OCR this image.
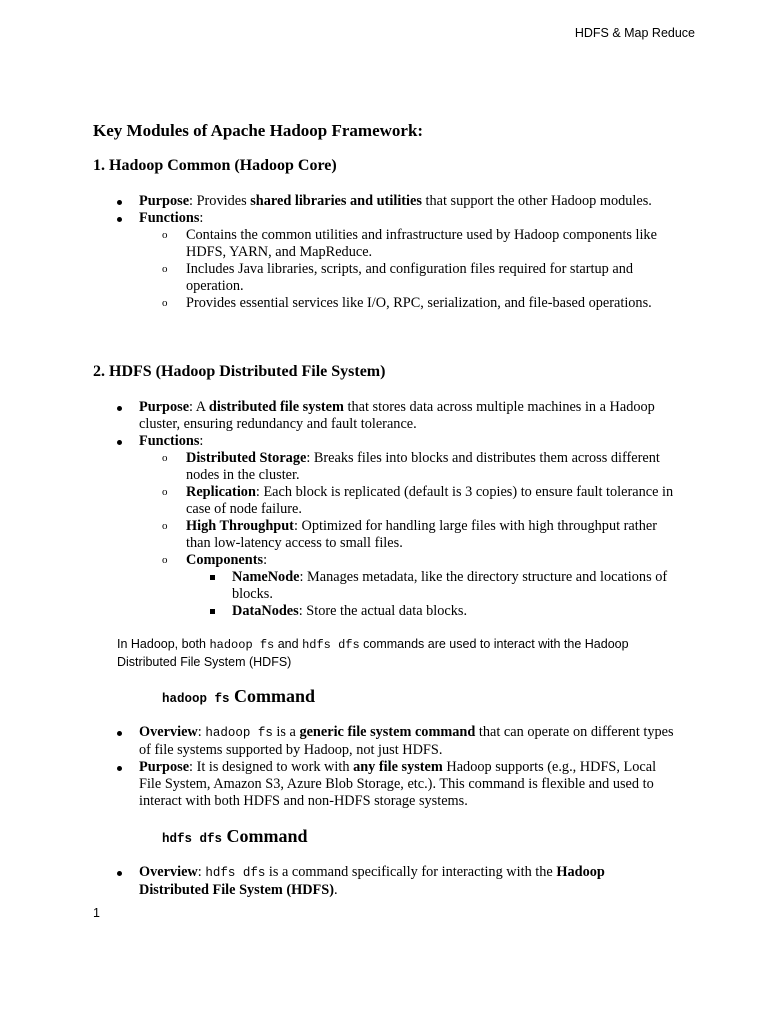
HDFS & Map Reduce
Key Modules of Apache Hadoop Framework:
1. Hadoop Common (Hadoop Core)
Purpose: Provides shared libraries and utilities that support the other Hadoop modules.
Functions:
o Contains the common utilities and infrastructure used by Hadoop components like HDFS, YARN, and MapReduce.
o Includes Java libraries, scripts, and configuration files required for startup and operation.
o Provides essential services like I/O, RPC, serialization, and file-based operations.
2. HDFS (Hadoop Distributed File System)
Purpose: A distributed file system that stores data across multiple machines in a Hadoop cluster, ensuring redundancy and fault tolerance.
Functions:
o Distributed Storage: Breaks files into blocks and distributes them across different nodes in the cluster.
o Replication: Each block is replicated (default is 3 copies) to ensure fault tolerance in case of node failure.
o High Throughput: Optimized for handling large files with high throughput rather than low-latency access to small files.
o Components:
NameNode: Manages metadata, like the directory structure and locations of blocks.
DataNodes: Store the actual data blocks.
In Hadoop, both hadoop fs and hdfs dfs commands are used to interact with the Hadoop Distributed File System (HDFS)
hadoop fs Command
Overview: hadoop fs is a generic file system command that can operate on different types of file systems supported by Hadoop, not just HDFS.
Purpose: It is designed to work with any file system Hadoop supports (e.g., HDFS, Local File System, Amazon S3, Azure Blob Storage, etc.). This command is flexible and used to interact with both HDFS and non-HDFS storage systems.
hdfs dfs Command
Overview: hdfs dfs is a command specifically for interacting with the Hadoop Distributed File System (HDFS).
1
